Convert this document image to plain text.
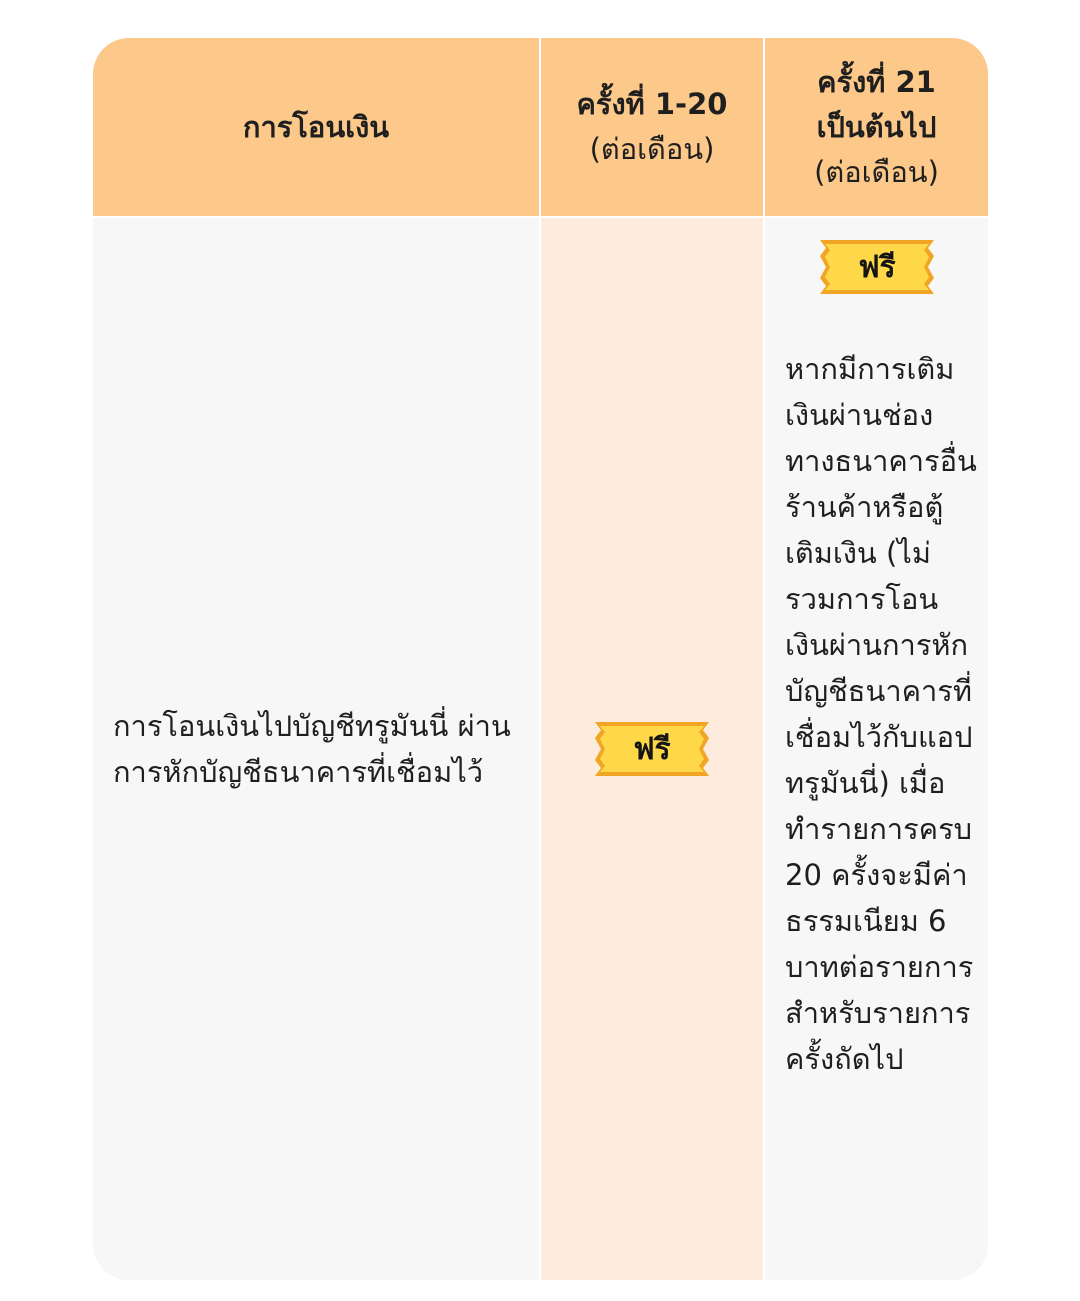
การโอนเงิน
ครั้งที่ 1-20
(ต่อเดือน)
ครั้งที่ 21
เป็นต้นไป
(ต่อเดือน)
การโอนเงินไปบัญชีทรูมันนี่ ผ่านการหักบัญชีธนาคารที่เชื่อมไว้
ฟรี
ฟรี
หากมีการเติมเงินผ่านช่องทางธนาคารอื่น ร้านค้าหรือตู้เติมเงิน (ไม่รวมการโอนเงินผ่านการหักบัญชีธนาคารที่เชื่อมไว้กับแอปทรูมันนี่) เมื่อทำรายการครบ 20 ครั้งจะมีค่าธรรมเนียม 6 บาทต่อรายการสำหรับรายการครั้งถัดไป
